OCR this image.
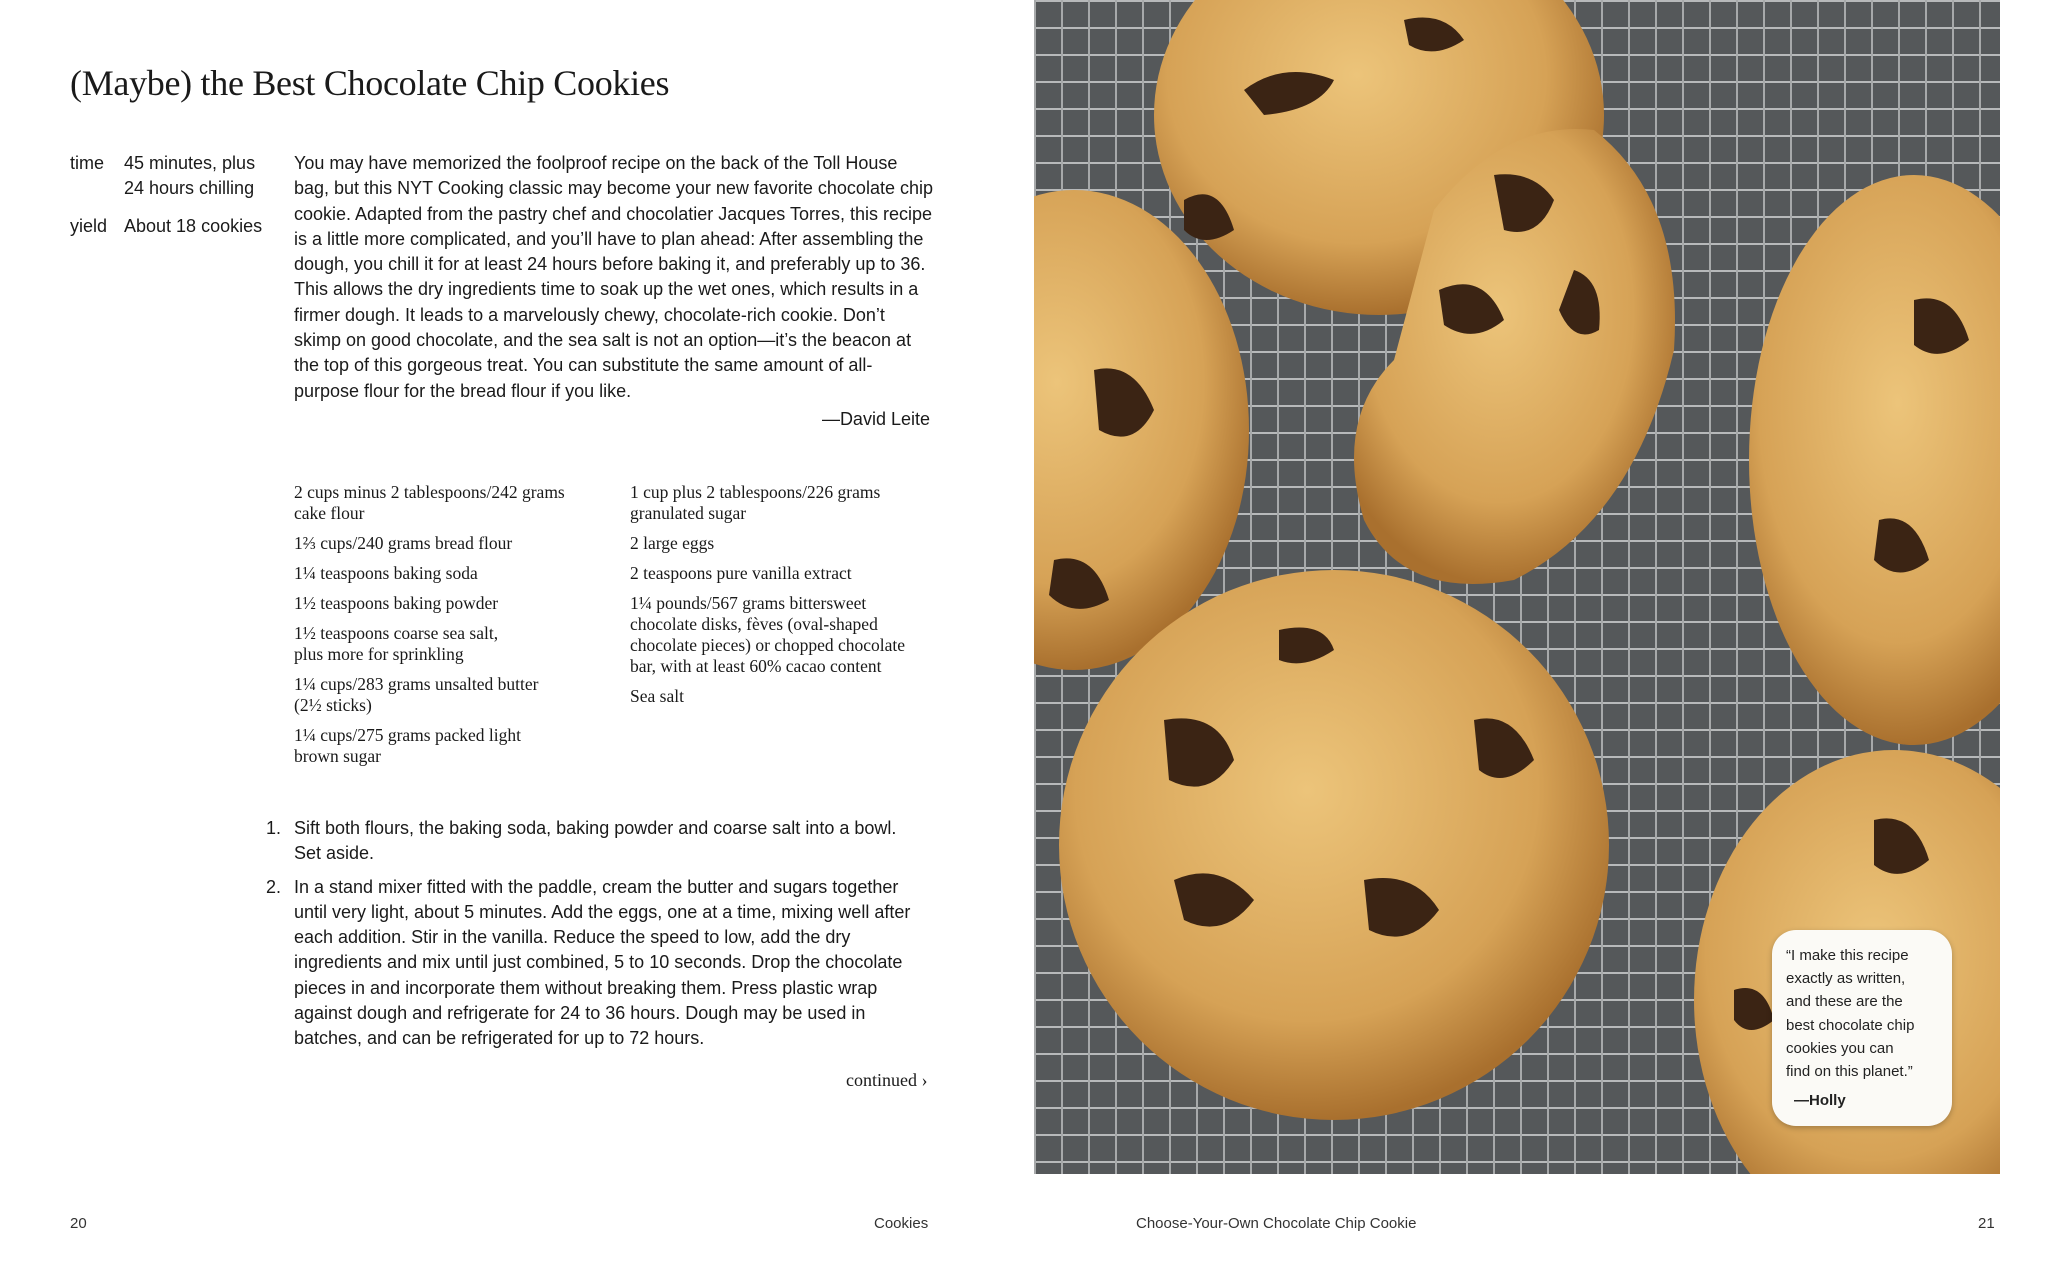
(Maybe) the Best Chocolate Chip Cookies
time	45 minutes, plus
24 hours chilling
yield About 18 cookies

You may have memorized the foolproof recipe on the back of the Toll House bag, but this NYT Cooking classic may become your new favorite chocolate chip cookie. Adapted from the pastry chef and chocolatier Jacques Torres, this recipe is a little more complicated, and you’ll have to plan ahead: After assembling the dough, you chill it for at least 24 hours before baking it, and preferably up to 36. This allows the dry ingredients time to soak up the wet ones, which results in a firmer dough. It leads to a marvelously chewy, chocolate-rich cookie. Don’t skimp on good chocolate, and the sea salt is not an option—it’s the beacon at the top of this gorgeous treat. You can substitute the same amount of all-purpose flour for the bread flour if you like.

—David Leite
2 cups minus 2 tablespoons/242 grams
cake flour
1⅔ cups/240 grams bread flour
1¼ teaspoons baking soda
1½ teaspoons baking powder
1½ teaspoons coarse sea salt,
plus more for sprinkling
1¼ cups/283 grams unsalted butter
(2½ sticks)
1¼ cups/275 grams packed light
brown sugar
1 cup plus 2 tablespoons/226 grams
granulated sugar
2 large eggs
2 teaspoons pure vanilla extract
1¼ pounds/567 grams bittersweet
chocolate disks, fèves (oval-shaped
chocolate pieces) or chopped chocolate
bar, with at least 60% cacao content
Sea salt
1. Sift both flours, the baking soda, baking powder and coarse salt into a bowl. Set aside.
2. In a stand mixer fitted with the paddle, cream the butter and sugars together until very light, about 5 minutes. Add the eggs, one at a time, mixing well after each addition. Stir in the vanilla. Reduce the speed to low, add the dry ingredients and mix until just combined, 5 to 10 seconds. Drop the chocolate pieces in and incorporate them without breaking them. Press plastic wrap against dough and refrigerate for 24 to 36 hours. Dough may be used in batches, and can be refrigerated for up to 72 hours.
continued ›
20	Cookies	Choose-Your-Own Chocolate Chip Cookie	21
“I make this recipe
exactly as written,
and these are the
best chocolate chip
cookies you can
find on this planet.”
—Holly
